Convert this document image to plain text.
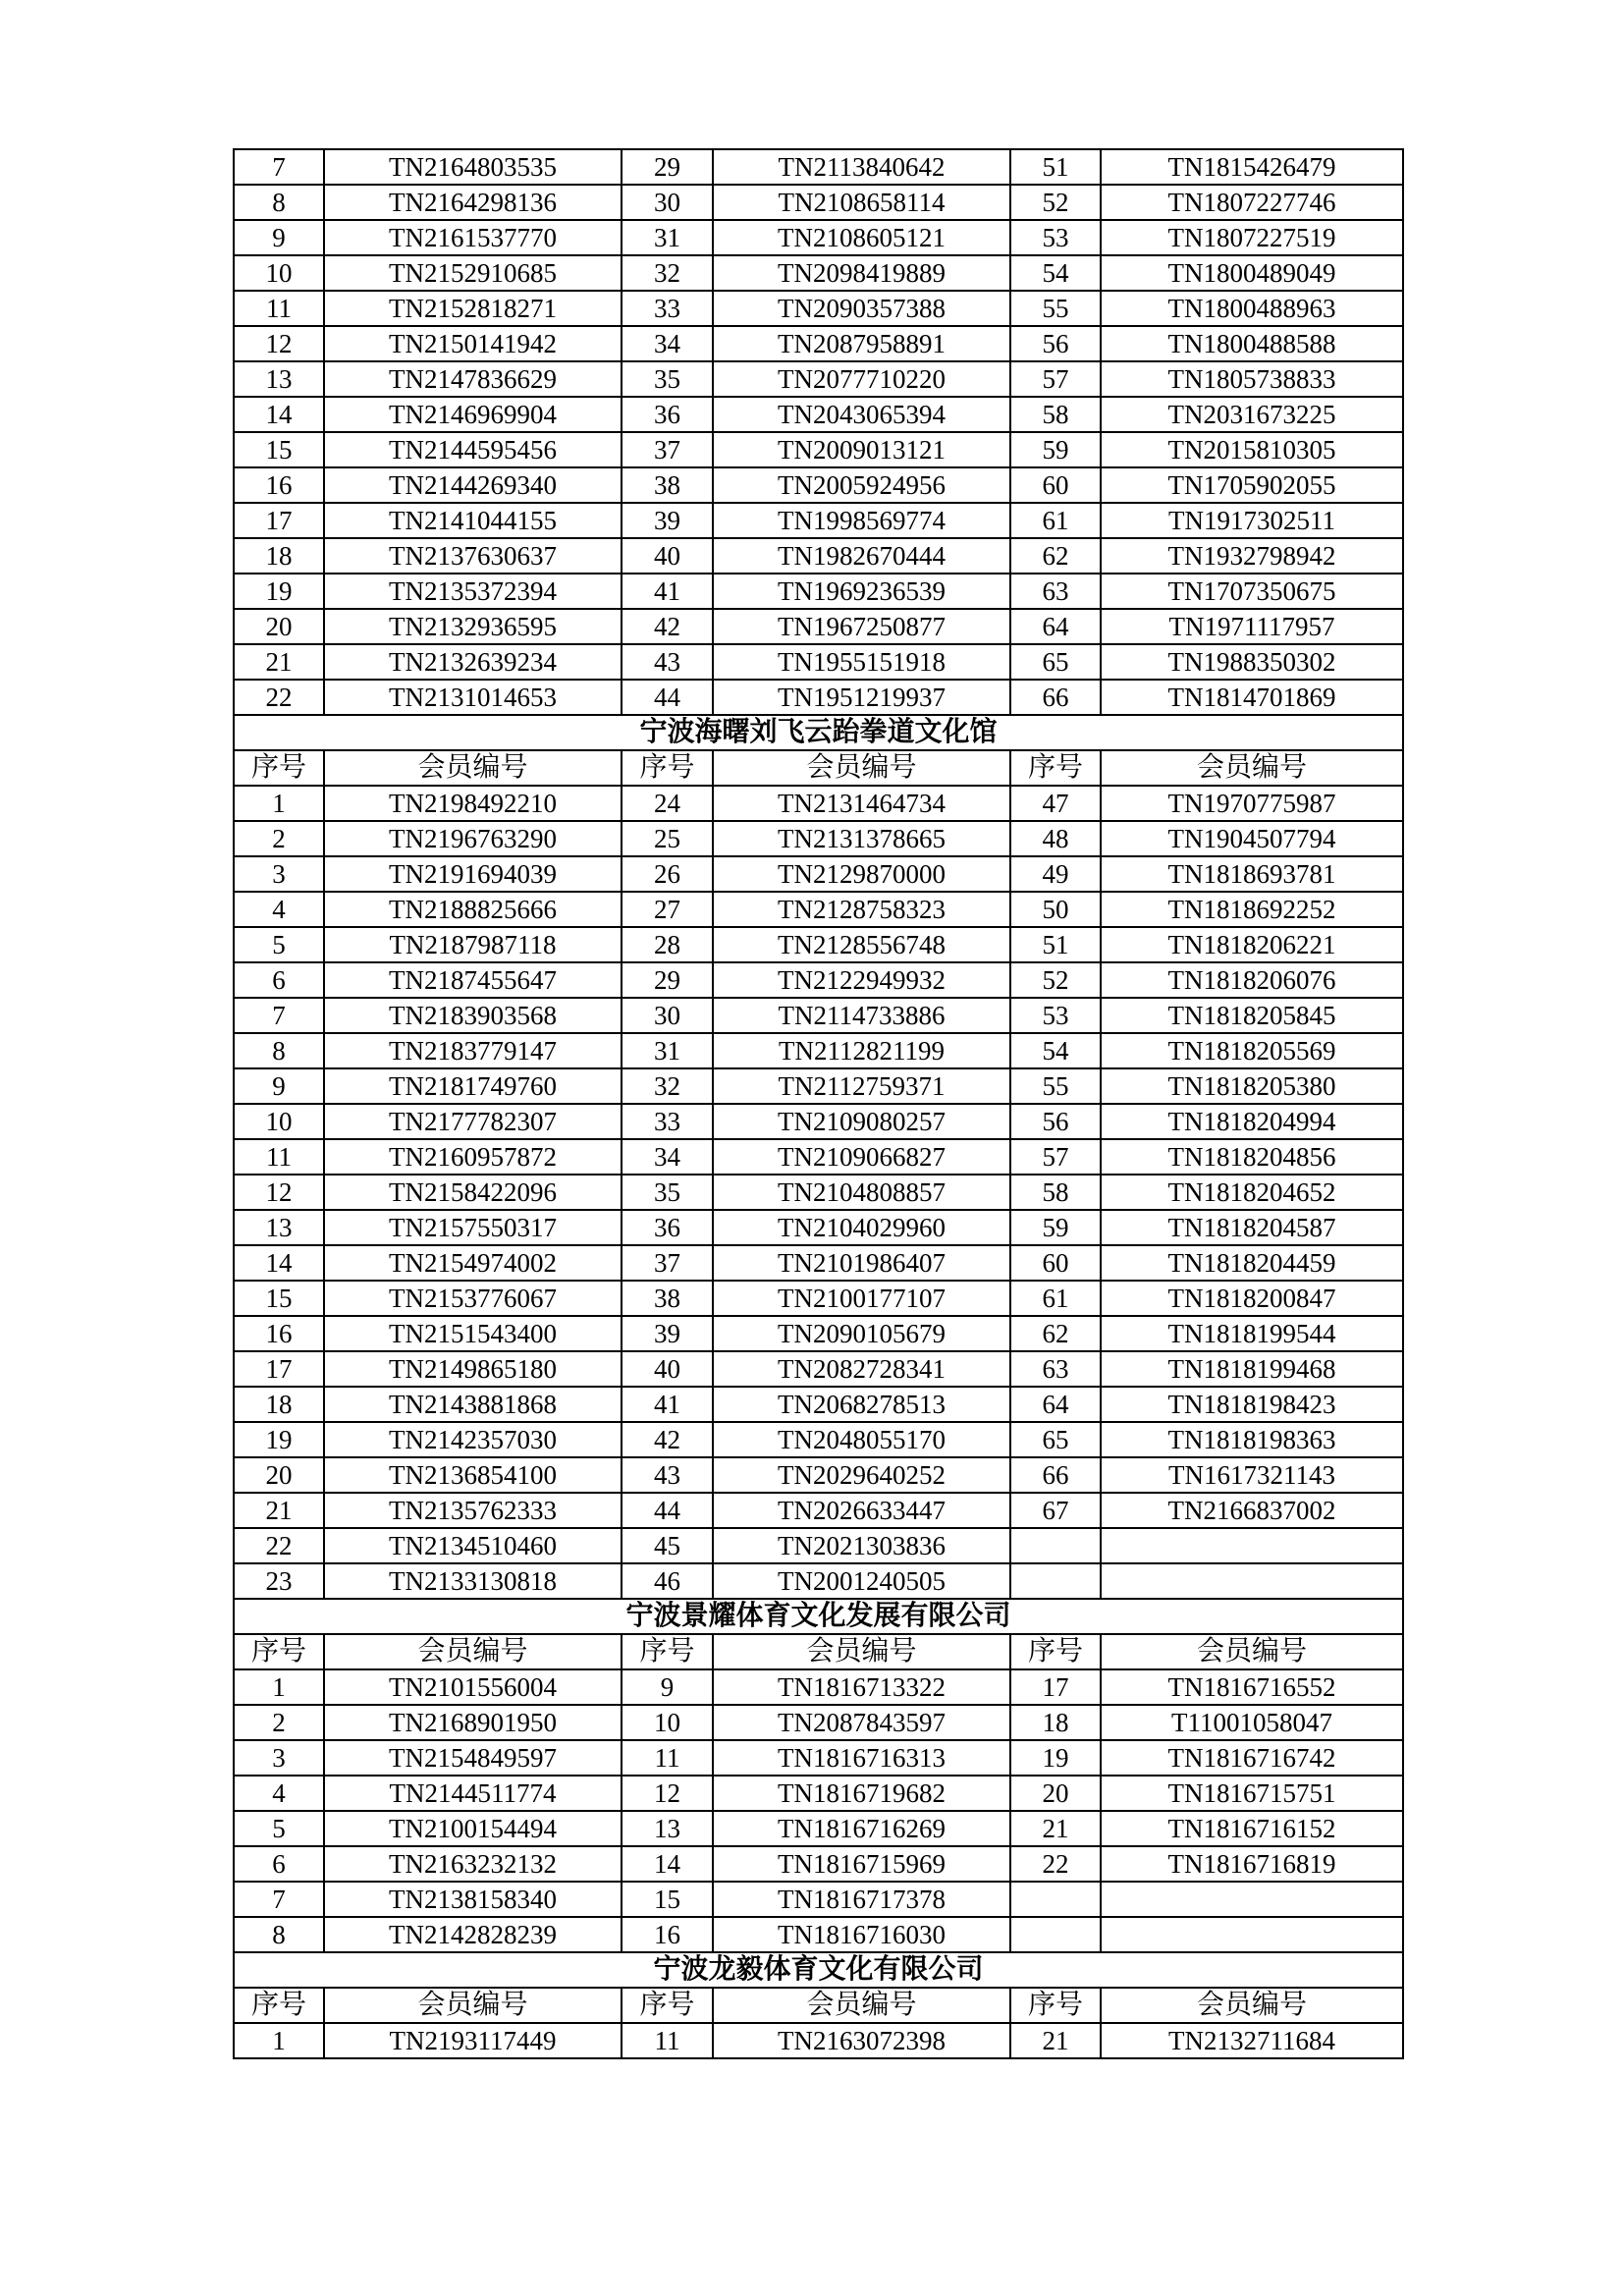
7	TN2164803535	29	TN2113840642	51	TN1815426479
8	TN2164298136	30	TN2108658114	52	TN1807227746
9	TN2161537770	31	TN2108605121	53	TN1807227519
10	TN2152910685	32	TN2098419889	54	TN1800489049
11	TN2152818271	33	TN2090357388	55	TN1800488963
12	TN2150141942	34	TN2087958891	56	TN1800488588
13	TN2147836629	35	TN2077710220	57	TN1805738833
14	TN2146969904	36	TN2043065394	58	TN2031673225
15	TN2144595456	37	TN2009013121	59	TN2015810305
16	TN2144269340	38	TN2005924956	60	TN1705902055
17	TN2141044155	39	TN1998569774	61	TN1917302511
18	TN2137630637	40	TN1982670444	62	TN1932798942
19	TN2135372394	41	TN1969236539	63	TN1707350675
20	TN2132936595	42	TN1967250877	64	TN1971117957
21	TN2132639234	43	TN1955151918	65	TN1988350302
22	TN2131014653	44	TN1951219937	66	TN1814701869
宁波海曙刘飞云跆拳道文化馆					
序号	会员编号	序号	会员编号	序号	会员编号
1	TN2198492210	24	TN2131464734	47	TN1970775987
2	TN2196763290	25	TN2131378665	48	TN1904507794
3	TN2191694039	26	TN2129870000	49	TN1818693781
4	TN2188825666	27	TN2128758323	50	TN1818692252
5	TN2187987118	28	TN2128556748	51	TN1818206221
6	TN2187455647	29	TN2122949932	52	TN1818206076
7	TN2183903568	30	TN2114733886	53	TN1818205845
8	TN2183779147	31	TN2112821199	54	TN1818205569
9	TN2181749760	32	TN2112759371	55	TN1818205380
10	TN2177782307	33	TN2109080257	56	TN1818204994
11	TN2160957872	34	TN2109066827	57	TN1818204856
12	TN2158422096	35	TN2104808857	58	TN1818204652
13	TN2157550317	36	TN2104029960	59	TN1818204587
14	TN2154974002	37	TN2101986407	60	TN1818204459
15	TN2153776067	38	TN2100177107	61	TN1818200847
16	TN2151543400	39	TN2090105679	62	TN1818199544
17	TN2149865180	40	TN2082728341	63	TN1818199468
18	TN2143881868	41	TN2068278513	64	TN1818198423
19	TN2142357030	42	TN2048055170	65	TN1818198363
20	TN2136854100	43	TN2029640252	66	TN1617321143
21	TN2135762333	44	TN2026633447	67	TN2166837002
22	TN2134510460	45	TN2021303836		
23	TN2133130818	46	TN2001240505		
宁波景耀体育文化发展有限公司					
序号	会员编号	序号	会员编号	序号	会员编号
1	TN2101556004	9	TN1816713322	17	TN1816716552
2	TN2168901950	10	TN2087843597	18	T11001058047
3	TN2154849597	11	TN1816716313	19	TN1816716742
4	TN2144511774	12	TN1816719682	20	TN1816715751
5	TN2100154494	13	TN1816716269	21	TN1816716152
6	TN2163232132	14	TN1816715969	22	TN1816716819
7	TN2138158340	15	TN1816717378		
8	TN2142828239	16	TN1816716030		
宁波龙毅体育文化有限公司					
序号	会员编号	序号	会员编号	序号	会员编号
1	TN2193117449	11	TN2163072398	21	TN2132711684
